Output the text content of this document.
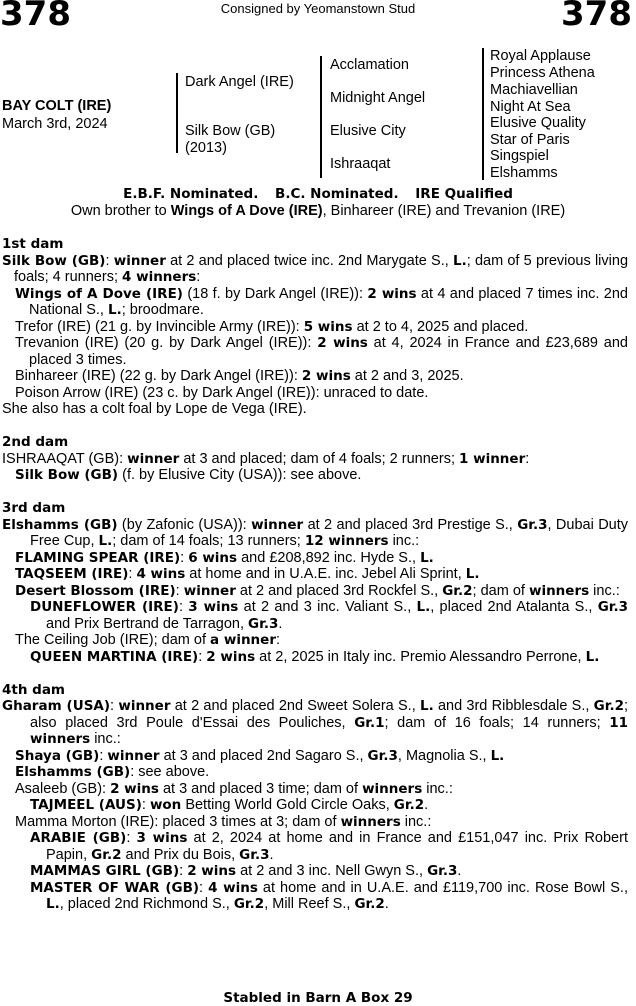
378	Consigned by Yeomanstown Stud	378
BAY COLT (IRE)
March 3rd, 2024
Dark Angel (IRE)
Silk Bow (GB)
(2013)
Acclamation
Midnight Angel
Elusive City
Ishraaqat
Royal Applause
Princess Athena
Machiavellian
Night At Sea
Elusive Quality
Star of Paris
Singspiel
Elshamms
E.B.F. Nominated. B.C. Nominated. IRE Qualified
Own brother to Wings of A Dove (IRE), Binhareer (IRE) and Trevanion (IRE)
1st dam
Silk Bow (GB): winner at 2 and placed twice inc. 2nd Marygate S., L.; dam of 5 previous living foals; 4 runners; 4 winners:
Wings of A Dove (IRE) (18 f. by Dark Angel (IRE)): 2 wins at 4 and placed 7 times inc. 2nd National S., L.; broodmare.
Trefor (IRE) (21 g. by Invincible Army (IRE)): 5 wins at 2 to 4, 2025 and placed.
Trevanion (IRE) (20 g. by Dark Angel (IRE)): 2 wins at 4, 2024 in France and £23,689 and placed 3 times.
Binhareer (IRE) (22 g. by Dark Angel (IRE)): 2 wins at 2 and 3, 2025.
Poison Arrow (IRE) (23 c. by Dark Angel (IRE)): unraced to date.
She also has a colt foal by Lope de Vega (IRE).
2nd dam
ISHRAAQAT (GB): winner at 3 and placed; dam of 4 foals; 2 runners; 1 winner:
Silk Bow (GB) (f. by Elusive City (USA)): see above.
3rd dam
Elshamms (GB) (by Zafonic (USA)): winner at 2 and placed 3rd Prestige S., Gr.3, Dubai Duty Free Cup, L.; dam of 14 foals; 13 runners; 12 winners inc.:
FLAMING SPEAR (IRE): 6 wins and £208,892 inc. Hyde S., L.
TAQSEEM (IRE): 4 wins at home and in U.A.E. inc. Jebel Ali Sprint, L.
Desert Blossom (IRE): winner at 2 and placed 3rd Rockfel S., Gr.2; dam of winners inc.:
DUNEFLOWER (IRE): 3 wins at 2 and 3 inc. Valiant S., L., placed 2nd Atalanta S., Gr.3 and Prix Bertrand de Tarragon, Gr.3.
The Ceiling Job (IRE); dam of a winner:
QUEEN MARTINA (IRE): 2 wins at 2, 2025 in Italy inc. Premio Alessandro Perrone, L.
4th dam
Gharam (USA): winner at 2 and placed 2nd Sweet Solera S., L. and 3rd Ribblesdale S., Gr.2; also placed 3rd Poule d'Essai des Pouliches, Gr.1; dam of 16 foals; 14 runners; 11 winners inc.:
Shaya (GB): winner at 3 and placed 2nd Sagaro S., Gr.3, Magnolia S., L.
Elshamms (GB): see above.
Asaleeb (GB): 2 wins at 3 and placed 3 time; dam of winners inc.:
TAJMEEL (AUS): won Betting World Gold Circle Oaks, Gr.2.
Mamma Morton (IRE): placed 3 times at 3; dam of winners inc.:
ARABIE (GB): 3 wins at 2, 2024 at home and in France and £151,047 inc. Prix Robert Papin, Gr.2 and Prix du Bois, Gr.3.
MAMMAS GIRL (GB): 2 wins at 2 and 3 inc. Nell Gwyn S., Gr.3.
MASTER OF WAR (GB): 4 wins at home and in U.A.E. and £119,700 inc. Rose Bowl S., L., placed 2nd Richmond S., Gr.2, Mill Reef S., Gr.2.
Stabled in Barn A Box 29
